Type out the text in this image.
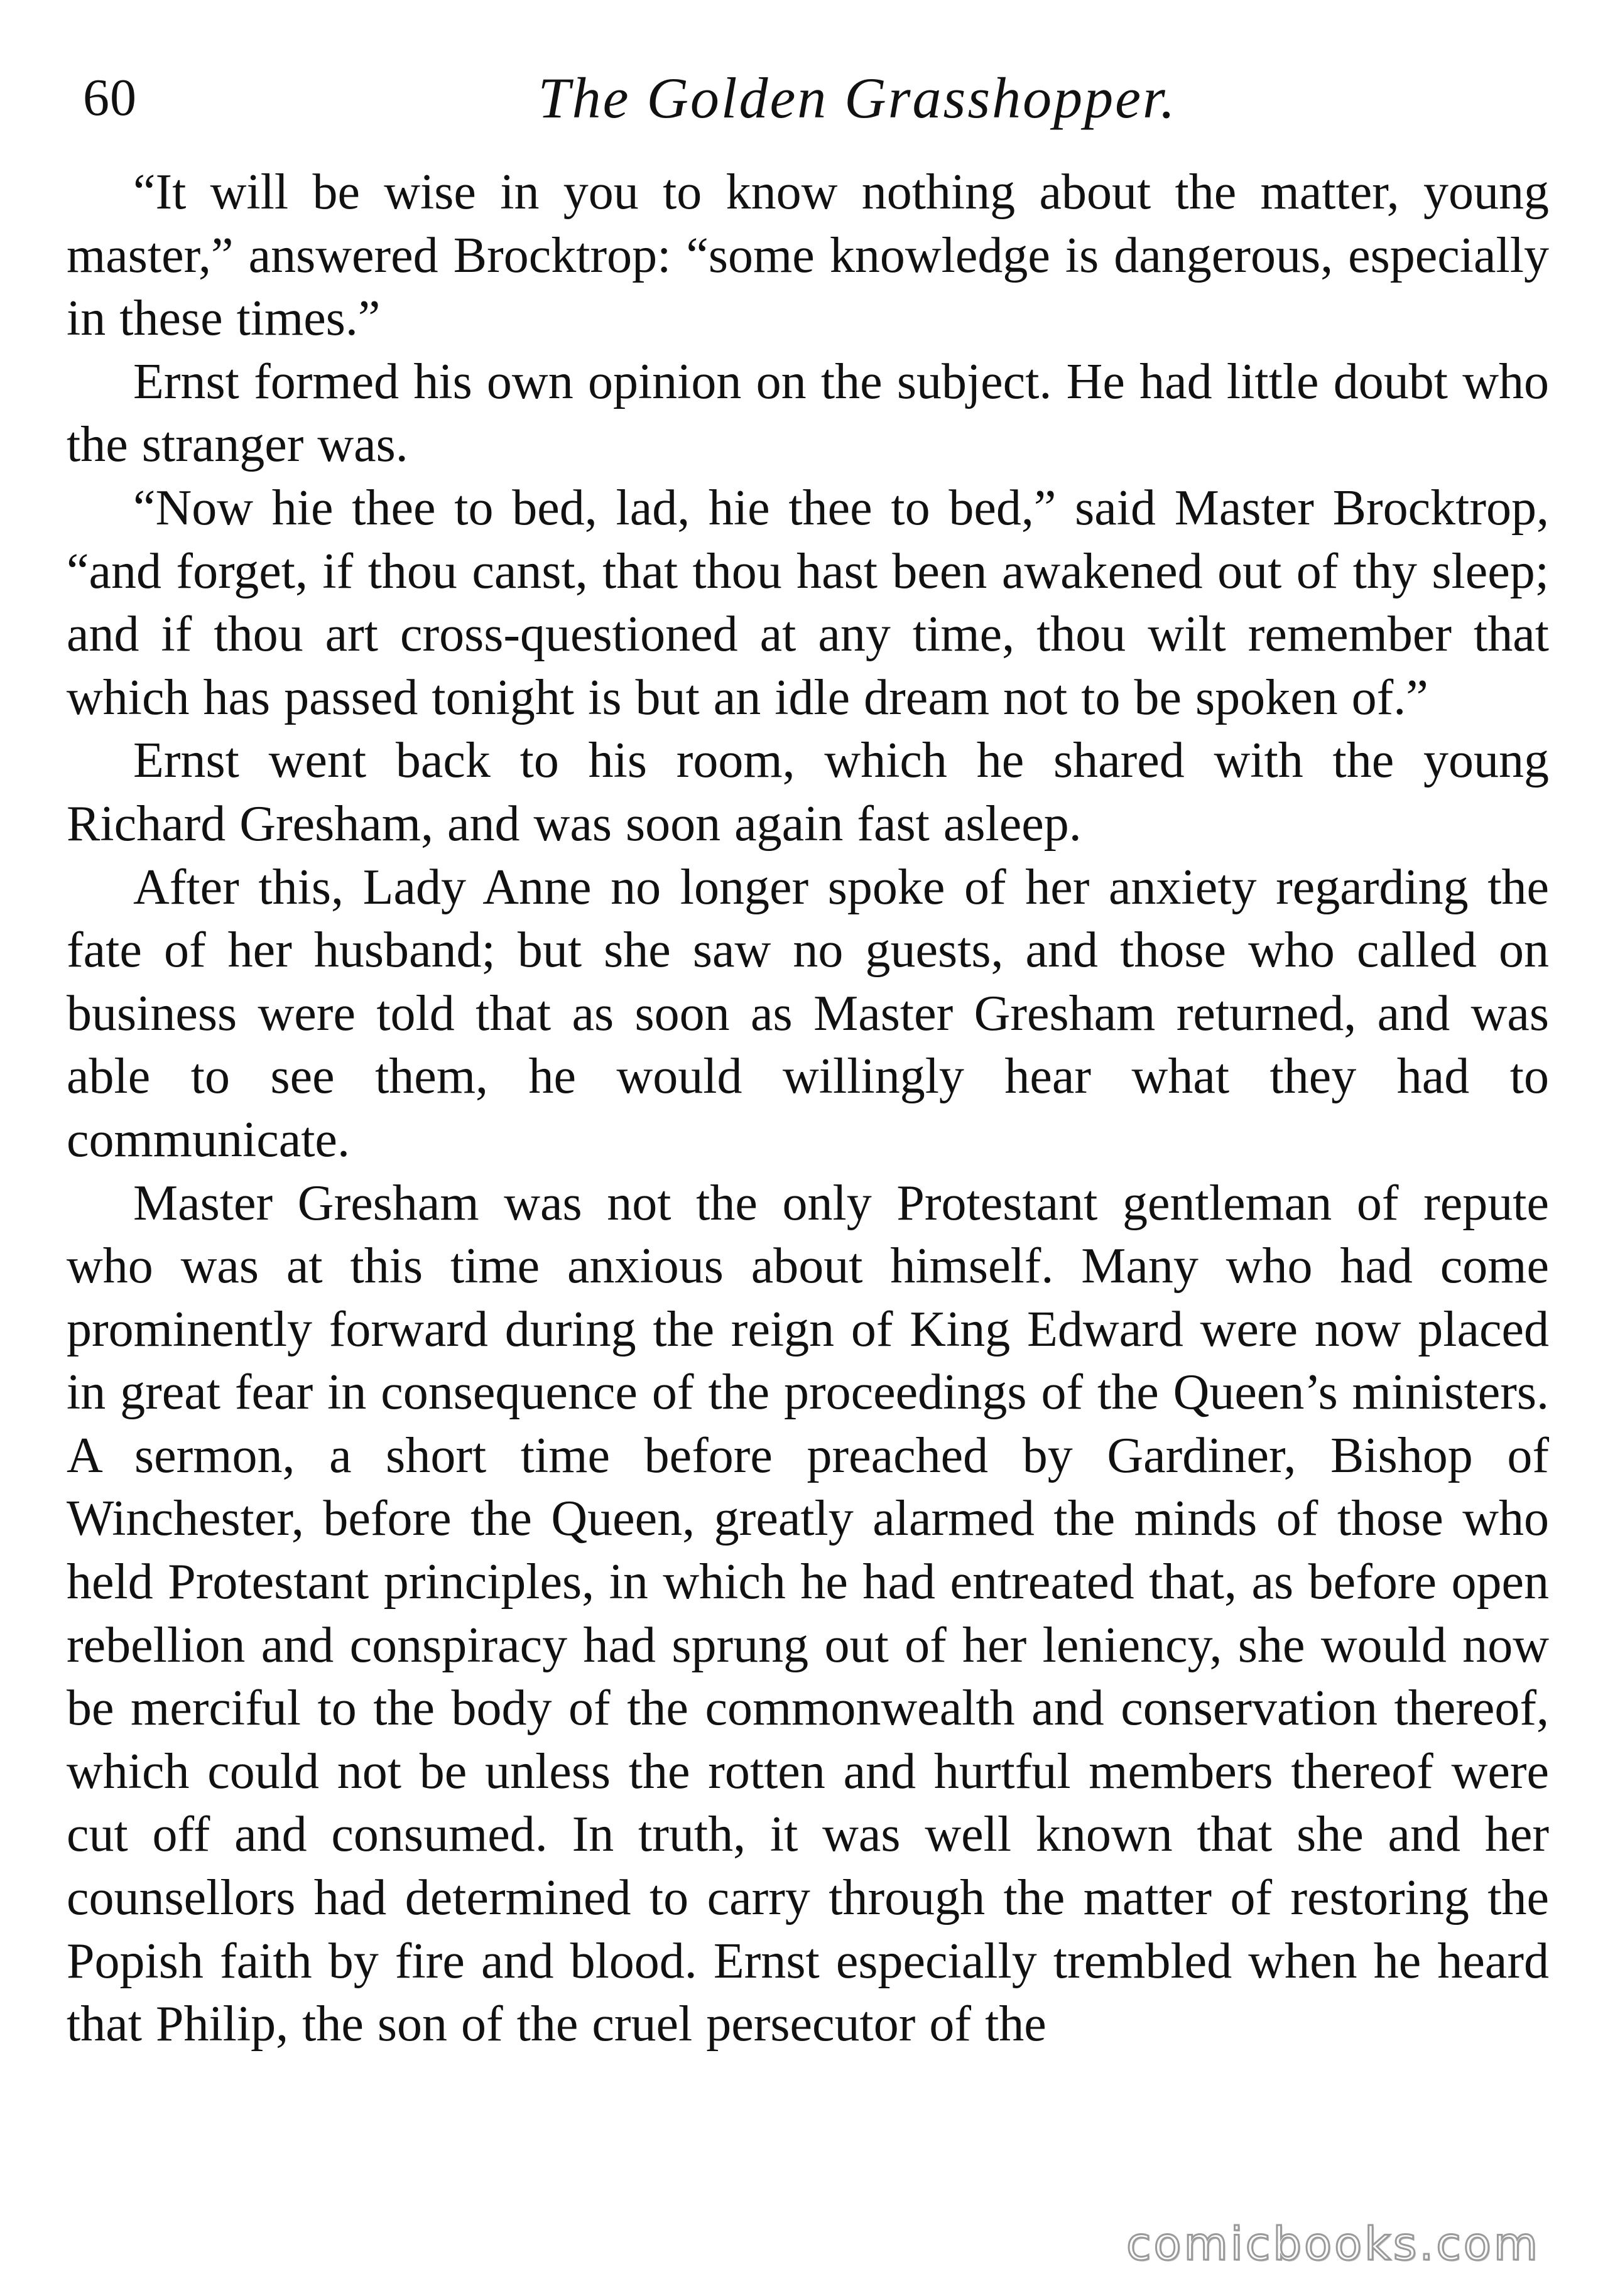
60	The Golden Grasshopper.

“It will be wise in you to know nothing about the matter, young master,” answered Brocktrop: “some knowledge is dangerous, especially in these times.”

Ernst formed his own opinion on the subject. He had little doubt who the stranger was.

“Now hie thee to bed, lad, hie thee to bed,” said Master Brocktrop, “and forget, if thou canst, that thou hast been awakened out of thy sleep; and if thou art cross-questioned at any time, thou wilt remember that which has passed tonight is but an idle dream not to be spoken of.”

Ernst went back to his room, which he shared with the young Richard Gresham, and was soon again fast asleep.

After this, Lady Anne no longer spoke of her anxiety regarding the fate of her husband; but she saw no guests, and those who called on business were told that as soon as Master Gresham returned, and was able to see them, he would willingly hear what they had to communicate.

Master Gresham was not the only Protestant gentleman of repute who was at this time anxious about himself. Many who had come prominently forward during the reign of King Edward were now placed in great fear in consequence of the proceedings of the Queen’s ministers. A sermon, a short time before preached by Gardiner, Bishop of Winchester, before the Queen, greatly alarmed the minds of those who held Protestant principles, in which he had entreated that, as before open rebellion and conspiracy had sprung out of her leniency, she would now be merciful to the body of the commonwealth and conservation thereof, which could not be unless the rotten and hurtful members thereof were cut off and consumed. In truth, it was well known that she and her counsellors had determined to carry through the matter of restoring the Popish faith by fire and blood. Ernst especially trembled when he heard that Philip, the son of the cruel persecutor of the

comicbooks.com
